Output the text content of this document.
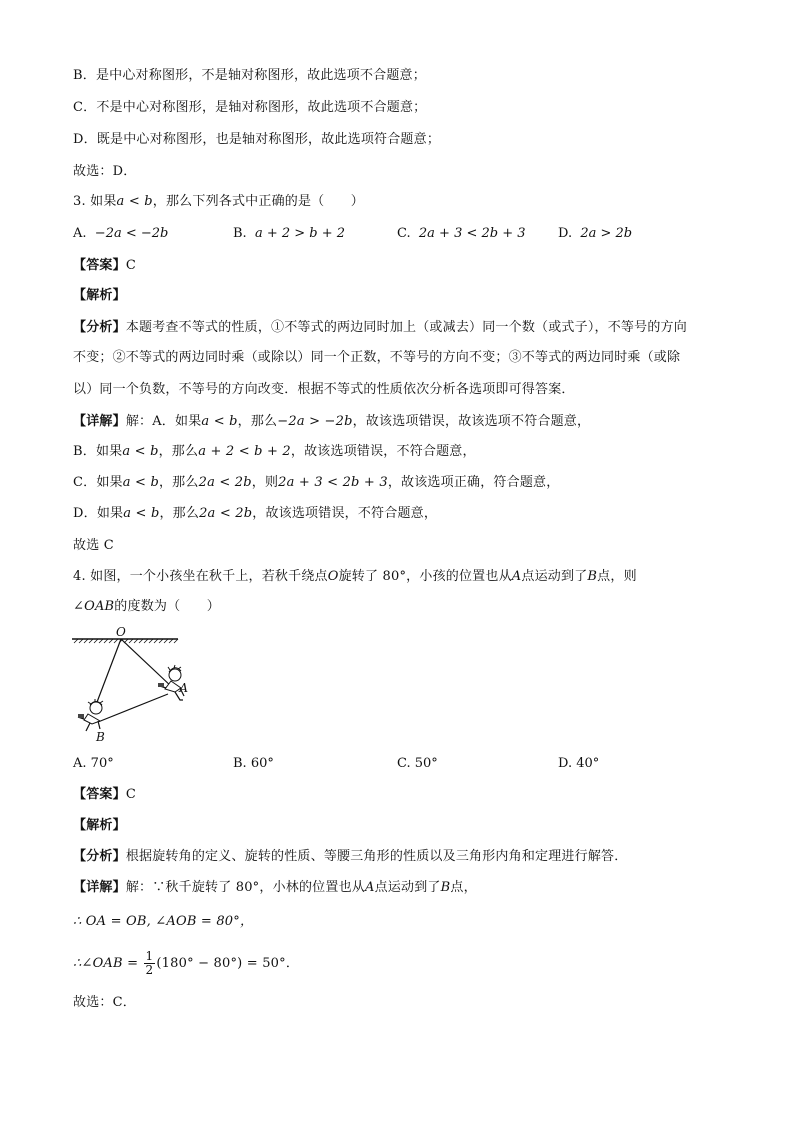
B．是中心对称图形，不是轴对称图形，故此选项不合题意；
C．不是中心对称图形，是轴对称图形，故此选项不合题意；
D．既是中心对称图形，也是轴对称图形，故此选项符合题意；
故选：D．
3. 如果a < b，那么下列各式中正确的是（　　）
A. −2a < −2b	B. a + 2 > b + 2	C. 2a + 3 < 2b + 3 D. 2a > 2b
【答案】C
【解析】
【分析】本题考查不等式的性质，①不等式的两边同时加上（或减去）同一个数（或式子），不等号的方向
不变；②不等式的两边同时乘（或除以）同一个正数，不等号的方向不变；③不等式的两边同时乘（或除
以）同一个负数，不等号的方向改变．根据不等式的性质依次分析各选项即可得答案．
【详解】解：A．如果a < b，那么−2a > −2b，故该选项错误，故该选项不符合题意，
B．如果a < b，那么a + 2 < b + 2，故该选项错误，不符合题意，
C．如果a < b，那么2a < 2b，则2a + 3 < 2b + 3，故该选项正确，符合题意，
D．如果a < b，那么2a < 2b，故该选项错误，不符合题意，
故选 C
4. 如图，一个小孩坐在秋千上，若秋千绕点O旋转了 80°，小孩的位置也从A点运动到了B点，则
∠OAB的度数为（　　）
O
A
B
A. 70°	B. 60°	C. 50°	D. 40°
【答案】C
【解析】
【分析】根据旋转角的定义、旋转的性质、等腰三角形的性质以及三角形内角和定理进行解答．
【详解】解：∵秋千旋转了 80°，小林的位置也从A点运动到了B点，
∴ OA = OB, ∠AOB = 80°，
∴∠OAB = $\frac{1}{2} (180^\circ - 80^\circ) = 50^\circ$．
故选：C．
